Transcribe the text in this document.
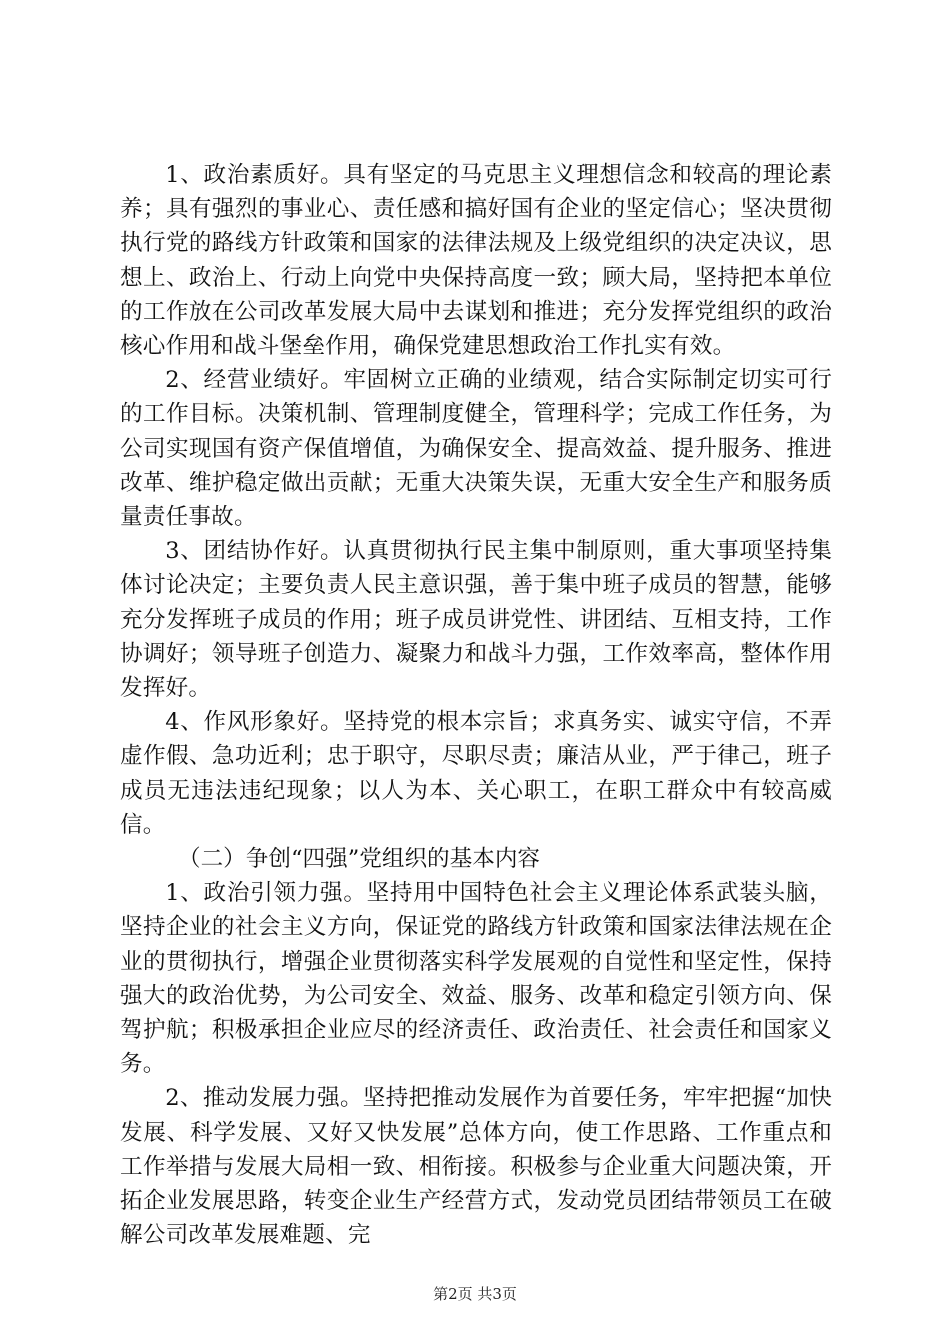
1、政治素质好。具有坚定的马克思主义理想信念和较高的理论素养；具有强烈的事业心、责任感和搞好国有企业的坚定信心；坚决贯彻执行党的路线方针政策和国家的法律法规及上级党组织的决定决议，思想上、政治上、行动上向党中央保持高度一致；顾大局，坚持把本单位的工作放在公司改革发展大局中去谋划和推进；充分发挥党组织的政治核心作用和战斗堡垒作用，确保党建思想政治工作扎实有效。

2、经营业绩好。牢固树立正确的业绩观，结合实际制定切实可行的工作目标。决策机制、管理制度健全，管理科学；完成工作任务，为公司实现国有资产保值增值，为确保安全、提高效益、提升服务、推进改革、维护稳定做出贡献；无重大决策失误，无重大安全生产和服务质量责任事故。

3、团结协作好。认真贯彻执行民主集中制原则，重大事项坚持集体讨论决定；主要负责人民主意识强，善于集中班子成员的智慧，能够充分发挥班子成员的作用；班子成员讲党性、讲团结、互相支持，工作协调好；领导班子创造力、凝聚力和战斗力强，工作效率高，整体作用发挥好。

4、作风形象好。坚持党的根本宗旨；求真务实、诚实守信，不弄虚作假、急功近利；忠于职守，尽职尽责；廉洁从业，严于律己，班子成员无违法违纪现象；以人为本、关心职工，在职工群众中有较高威信。

（二）争创“四强”党组织的基本内容

1、政治引领力强。坚持用中国特色社会主义理论体系武装头脑，坚持企业的社会主义方向，保证党的路线方针政策和国家法律法规在企业的贯彻执行，增强企业贯彻落实科学发展观的自觉性和坚定性，保持强大的政治优势，为公司安全、效益、服务、改革和稳定引领方向、保驾护航；积极承担企业应尽的经济责任、政治责任、社会责任和国家义务。

2、推动发展力强。坚持把推动发展作为首要任务，牢牢把握“加快发展、科学发展、又好又快发展”总体方向，使工作思路、工作重点和工作举措与发展大局相一致、相衔接。积极参与企业重大问题决策，开拓企业发展思路，转变企业生产经营方式，发动党员团结带领员工在破解公司改革发展难题、完

第2页 共3页
